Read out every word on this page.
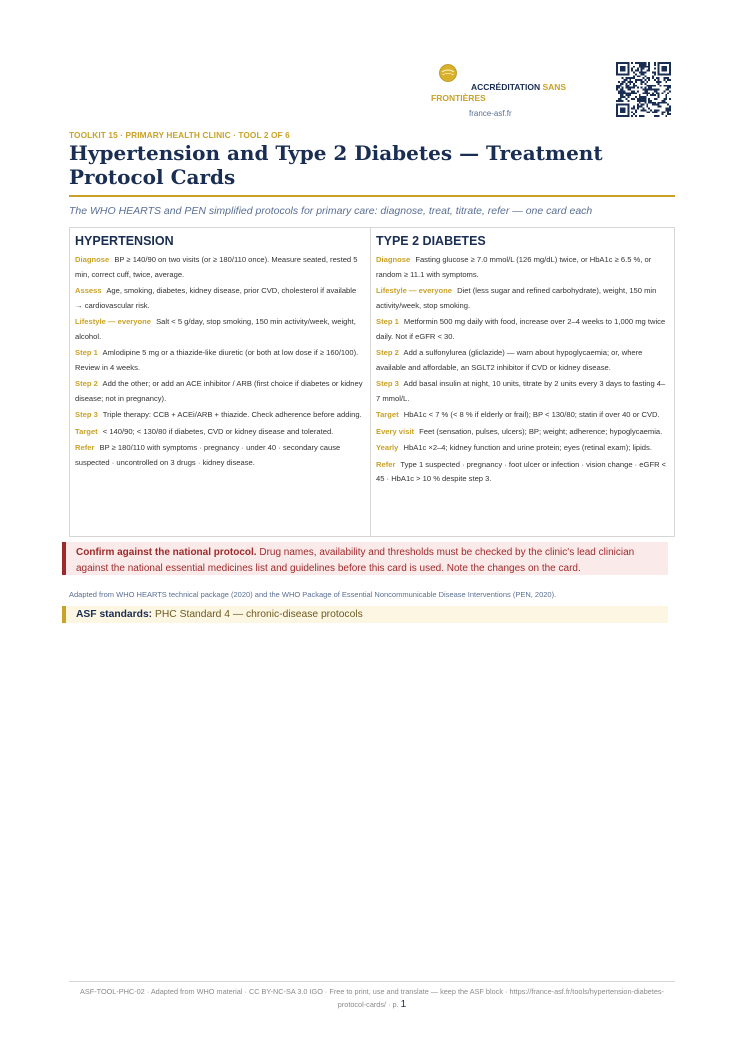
ACCRÉDITATION SANS FRONTIÈRES
france-asf.fr
TOOLKIT 15 · PRIMARY HEALTH CLINIC · TOOL 2 OF 6
Hypertension and Type 2 Diabetes — Treatment Protocol Cards
The WHO HEARTS and PEN simplified protocols for primary care: diagnose, treat, titrate, refer — one card each
HYPERTENSION
Diagnose BP ≥ 140/90 on two visits (or ≥ 180/110 once). Measure seated, rested 5 min, correct cuff, twice, average.
Assess Age, smoking, diabetes, kidney disease, prior CVD, cholesterol if available → cardiovascular risk.
Lifestyle — everyone Salt < 5 g/day, stop smoking, 150 min activity/week, weight, alcohol.
Step 1 Amlodipine 5 mg or a thiazide-like diuretic (or both at low dose if ≥ 160/100). Review in 4 weeks.
Step 2 Add the other; or add an ACE inhibitor / ARB (first choice if diabetes or kidney disease; not in pregnancy).
Step 3 Triple therapy: CCB + ACEi/ARB + thiazide. Check adherence before adding.
Target < 140/90; < 130/80 if diabetes, CVD or kidney disease and tolerated.
Refer BP ≥ 180/110 with symptoms · pregnancy · under 40 · secondary cause suspected · uncontrolled on 3 drugs · kidney disease.
TYPE 2 DIABETES
Diagnose Fasting glucose ≥ 7.0 mmol/L (126 mg/dL) twice, or HbA1c ≥ 6.5 %, or random ≥ 11.1 with symptoms.
Lifestyle — everyone Diet (less sugar and refined carbohydrate), weight, 150 min activity/week, stop smoking.
Step 1 Metformin 500 mg daily with food, increase over 2–4 weeks to 1,000 mg twice daily. Not if eGFR < 30.
Step 2 Add a sulfonylurea (gliclazide) — warn about hypoglycaemia; or, where available and affordable, an SGLT2 inhibitor if CVD or kidney disease.
Step 3 Add basal insulin at night, 10 units, titrate by 2 units every 3 days to fasting 4–7 mmol/L.
Target HbA1c < 7 % (< 8 % if elderly or frail); BP < 130/80; statin if over 40 or CVD.
Every visit Feet (sensation, pulses, ulcers); BP; weight; adherence; hypoglycaemia.
Yearly HbA1c ×2–4; kidney function and urine protein; eyes (retinal exam); lipids.
Refer Type 1 suspected · pregnancy · foot ulcer or infection · vision change · eGFR < 45 · HbA1c > 10 % despite step 3.
Confirm against the national protocol. Drug names, availability and thresholds must be checked by the clinic's lead clinician against the national essential medicines list and guidelines before this card is used. Note the changes on the card.
Adapted from WHO HEARTS technical package (2020) and the WHO Package of Essential Noncommunicable Disease Interventions (PEN, 2020).
ASF standards: PHC Standard 4 — chronic-disease protocols
ASF-TOOL-PHC-02 · Adapted from WHO material · CC BY-NC-SA 3.0 IGO · Free to print, use and translate — keep the ASF block · https://france-asf.fr/tools/hypertension-diabetes-protocol-cards/ · p. 1
